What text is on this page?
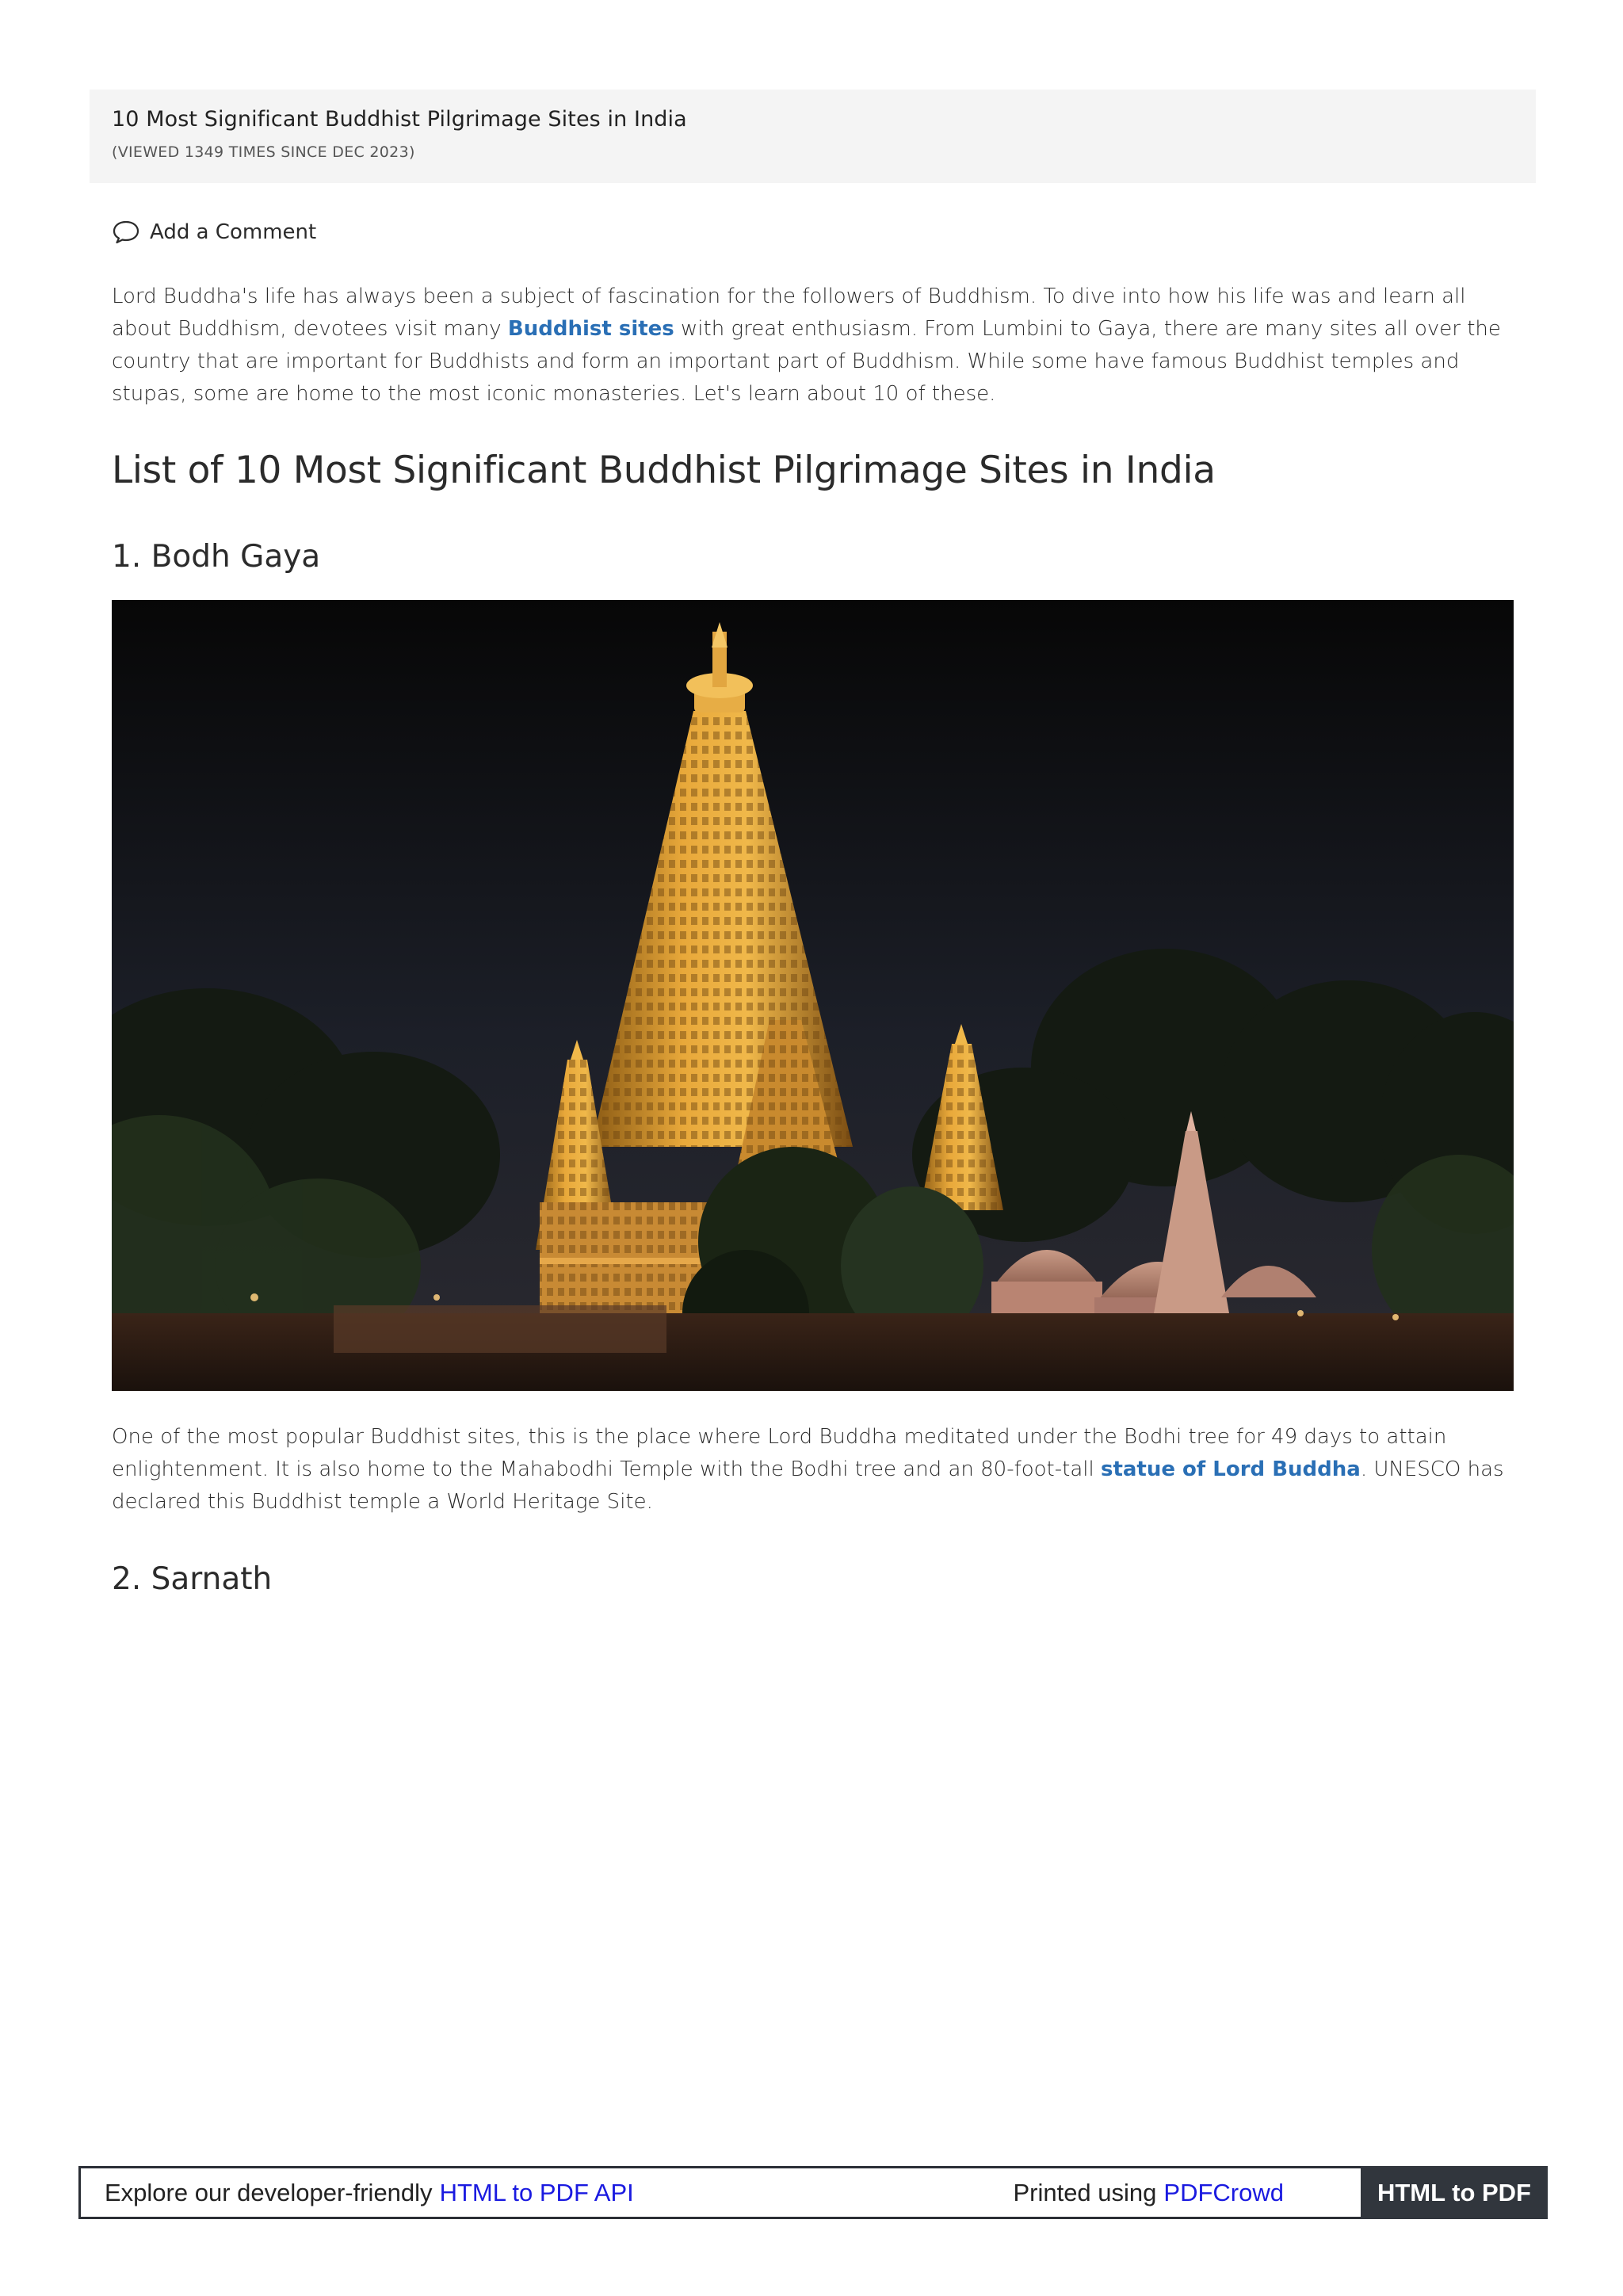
10 Most Significant Buddhist Pilgrimage Sites in India

(VIEWED 1349 TIMES SINCE DEC 2023)

Add a Comment

Lord Buddha's life has always been a subject of fascination for the followers of Buddhism. To dive into how his life was and learn all about Buddhism, devotees visit many Buddhist sites with great enthusiasm. From Lumbini to Gaya, there are many sites all over the country that are important for Buddhists and form an important part of Buddhism. While some have famous Buddhist temples and stupas, some are home to the most iconic monasteries. Let's learn about 10 of these.

List of 10 Most Significant Buddhist Pilgrimage Sites in India
1. Bodh Gaya

One of the most popular Buddhist sites, this is the place where Lord Buddha meditated under the Bodhi tree for 49 days to attain enlightenment. It is also home to the Mahabodhi Temple with the Bodhi tree and an 80-foot-tall statue of Lord Buddha. UNESCO has declared this Buddhist temple a World Heritage Site.

2. Sarnath
Explore our developer-friendly HTML to PDF API	Printed using PDFCrowd	HTML to PDF
